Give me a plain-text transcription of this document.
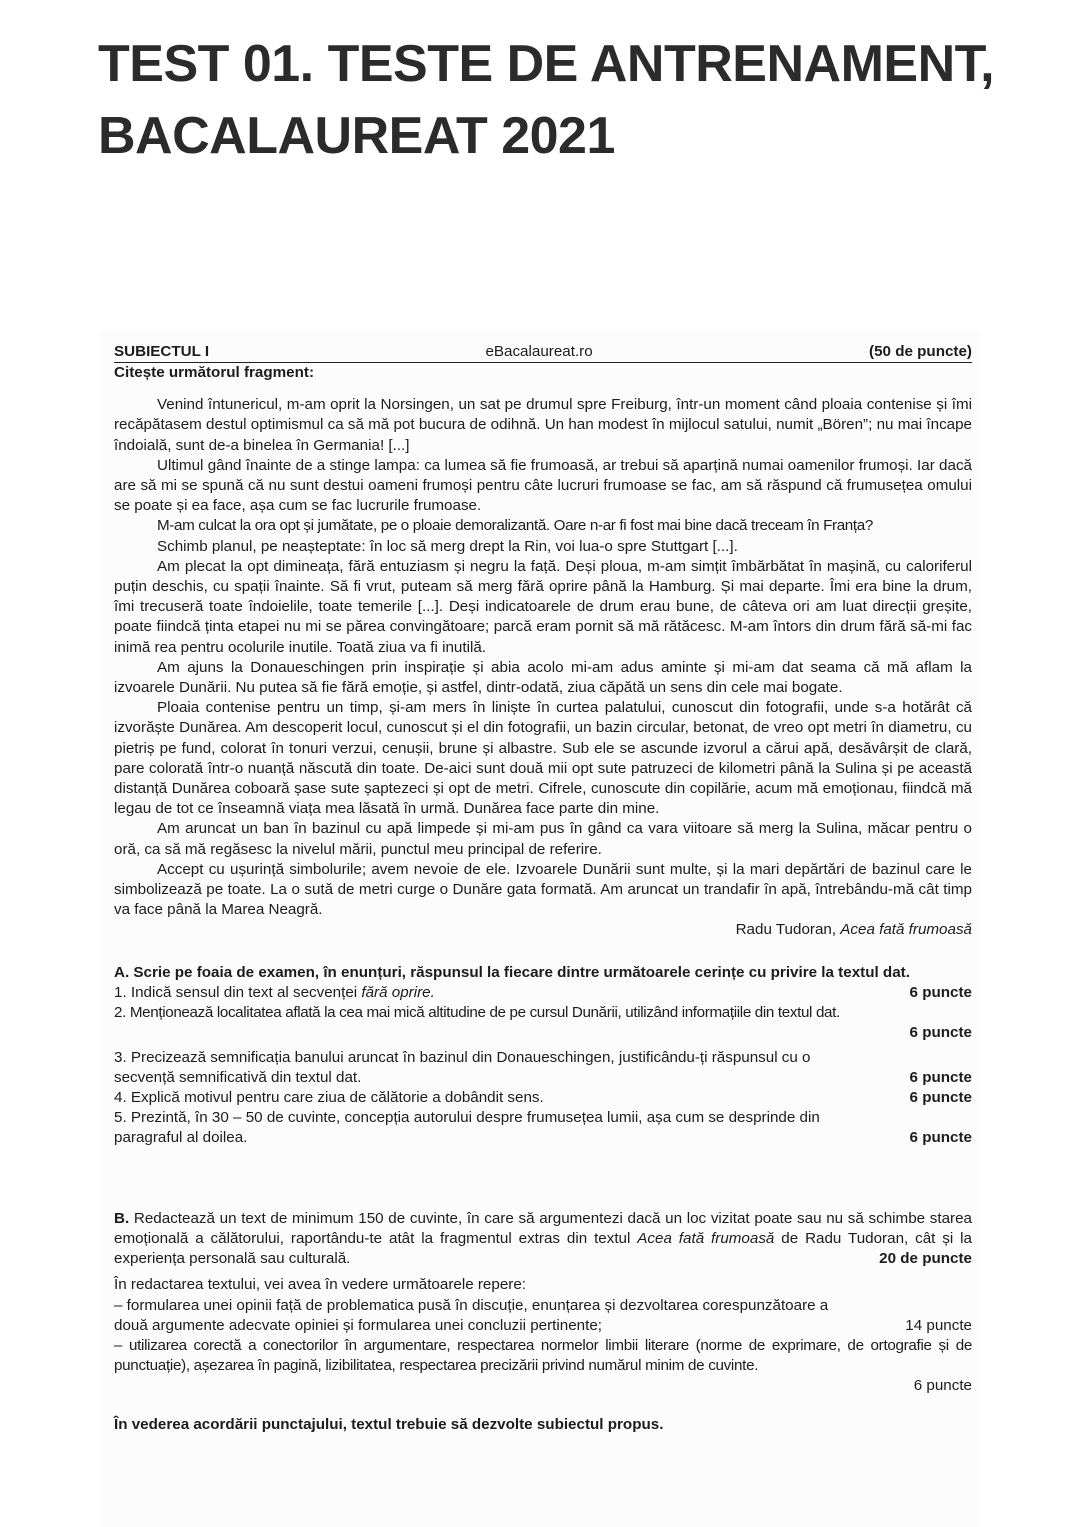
TEST 01. TESTE DE ANTRENAMENT, BACALAUREAT 2021
SUBIECTUL I	eBacalaureat.ro	(50 de puncte)
Citește următorul fragment:

Venind întunericul, m-am oprit la Norsingen, un sat pe drumul spre Freiburg, într-un moment când ploaia contenise și îmi recăpătasem destul optimismul ca să mă pot bucura de odihnă. Un han modest în mijlocul satului, numit „Bören”; nu mai încape îndoială, sunt de-a binelea în Germania! [...]

Ultimul gând înainte de a stinge lampa: ca lumea să fie frumoasă, ar trebui să aparțină numai oamenilor frumoși. Iar dacă are să mi se spună că nu sunt destui oameni frumoși pentru câte lucruri frumoase se fac, am să răspund că frumusețea omului se poate și ea face, așa cum se fac lucrurile frumoase.

M-am culcat la ora opt și jumătate, pe o ploaie demoralizantă. Oare n-ar fi fost mai bine dacă treceam în Franța?

Schimb planul, pe neașteptate: în loc să merg drept la Rin, voi lua-o spre Stuttgart [...].

Am plecat la opt dimineața, fără entuziasm și negru la față. Deși ploua, m-am simțit îmbărbătat în mașină, cu caloriferul puțin deschis, cu spații înainte. Să fi vrut, puteam să merg fără oprire până la Hamburg. Și mai departe. Îmi era bine la drum, îmi trecuseră toate îndoielile, toate temerile [...]. Deși indicatoarele de drum erau bune, de câteva ori am luat direcții greșite, poate fiindcă ținta etapei nu mi se părea convingătoare; parcă eram pornit să mă rătăcesc. M-am întors din drum fără să-mi fac inimă rea pentru ocolurile inutile. Toată ziua va fi inutilă.

Am ajuns la Donaueschingen prin inspirație și abia acolo mi-am adus aminte și mi-am dat seama că mă aflam la izvoarele Dunării. Nu putea să fie fără emoție, și astfel, dintr-odată, ziua căpătă un sens din cele mai bogate.

Ploaia contenise pentru un timp, și-am mers în liniște în curtea palatului, cunoscut din fotografii, unde s-a hotărât că izvorăște Dunărea. Am descoperit locul, cunoscut și el din fotografii, un bazin circular, betonat, de vreo opt metri în diametru, cu pietriș pe fund, colorat în tonuri verzui, cenușii, brune și albastre. Sub ele se ascunde izvorul a cărui apă, desăvârșit de clară, pare colorată într-o nuanță născută din toate. De-aici sunt două mii opt sute patruzeci de kilometri până la Sulina și pe această distanță Dunărea coboară șase sute șaptezeci și opt de metri. Cifrele, cunoscute din copilărie, acum mă emoționau, fiindcă mă legau de tot ce înseamnă viața mea lăsată în urmă. Dunărea face parte din mine.

Am aruncat un ban în bazinul cu apă limpede și mi-am pus în gând ca vara viitoare să merg la Sulina, măcar pentru o oră, ca să mă regăsesc la nivelul mării, punctul meu principal de referire.

Accept cu ușurință simbolurile; avem nevoie de ele. Izvoarele Dunării sunt multe, și la mari depărtări de bazinul care le simbolizează pe toate. La o sută de metri curge o Dunăre gata formată. Am aruncat un trandafir în apă, întrebându-mă cât timp va face până la Marea Neagră.

Radu Tudoran, Acea fată frumoasă

A. Scrie pe foaia de examen, în enunțuri, răspunsul la fiecare dintre următoarele cerințe cu privire la textul dat.
1. Indică sensul din text al secvenței fără oprire.	6 puncte
2. Menționează localitatea aflată la cea mai mică altitudine de pe cursul Dunării, utilizând informațiile din textul dat.
6 puncte
3. Precizează semnificația banului aruncat în bazinul din Donaueschingen, justificându-ți răspunsul cu o
secvență semnificativă din textul dat.	6 puncte
4. Explică motivul pentru care ziua de călătorie a dobândit sens.	6 puncte
5. Prezintă, în 30 – 50 de cuvinte, concepția autorului despre frumusețea lumii, așa cum se desprinde din
paragraful al doilea.	6 puncte

B. Redactează un text de minimum 150 de cuvinte, în care să argumentezi dacă un loc vizitat poate sau nu să schimbe starea emoțională a călătorului, raportându-te atât la fragmentul extras din textul Acea fată frumoasă de Radu Tudoran, cât și la experiența personală sau culturală.	20 de puncte

În redactarea textului, vei avea în vedere următoarele repere:

– formularea unei opinii față de problematica pusă în discuție, enunțarea și dezvoltarea corespunzătoare a

două argumente adecvate opiniei și formularea unei concluzii pertinente;	14 puncte

– utilizarea corectă a conectorilor în argumentare, respectarea normelor limbii literare (norme de exprimare, de ortografie și de punctuație), așezarea în pagină, lizibilitatea, respectarea precizării privind numărul minim de cuvinte.

6 puncte

În vederea acordării punctajului, textul trebuie să dezvolte subiectul propus.
